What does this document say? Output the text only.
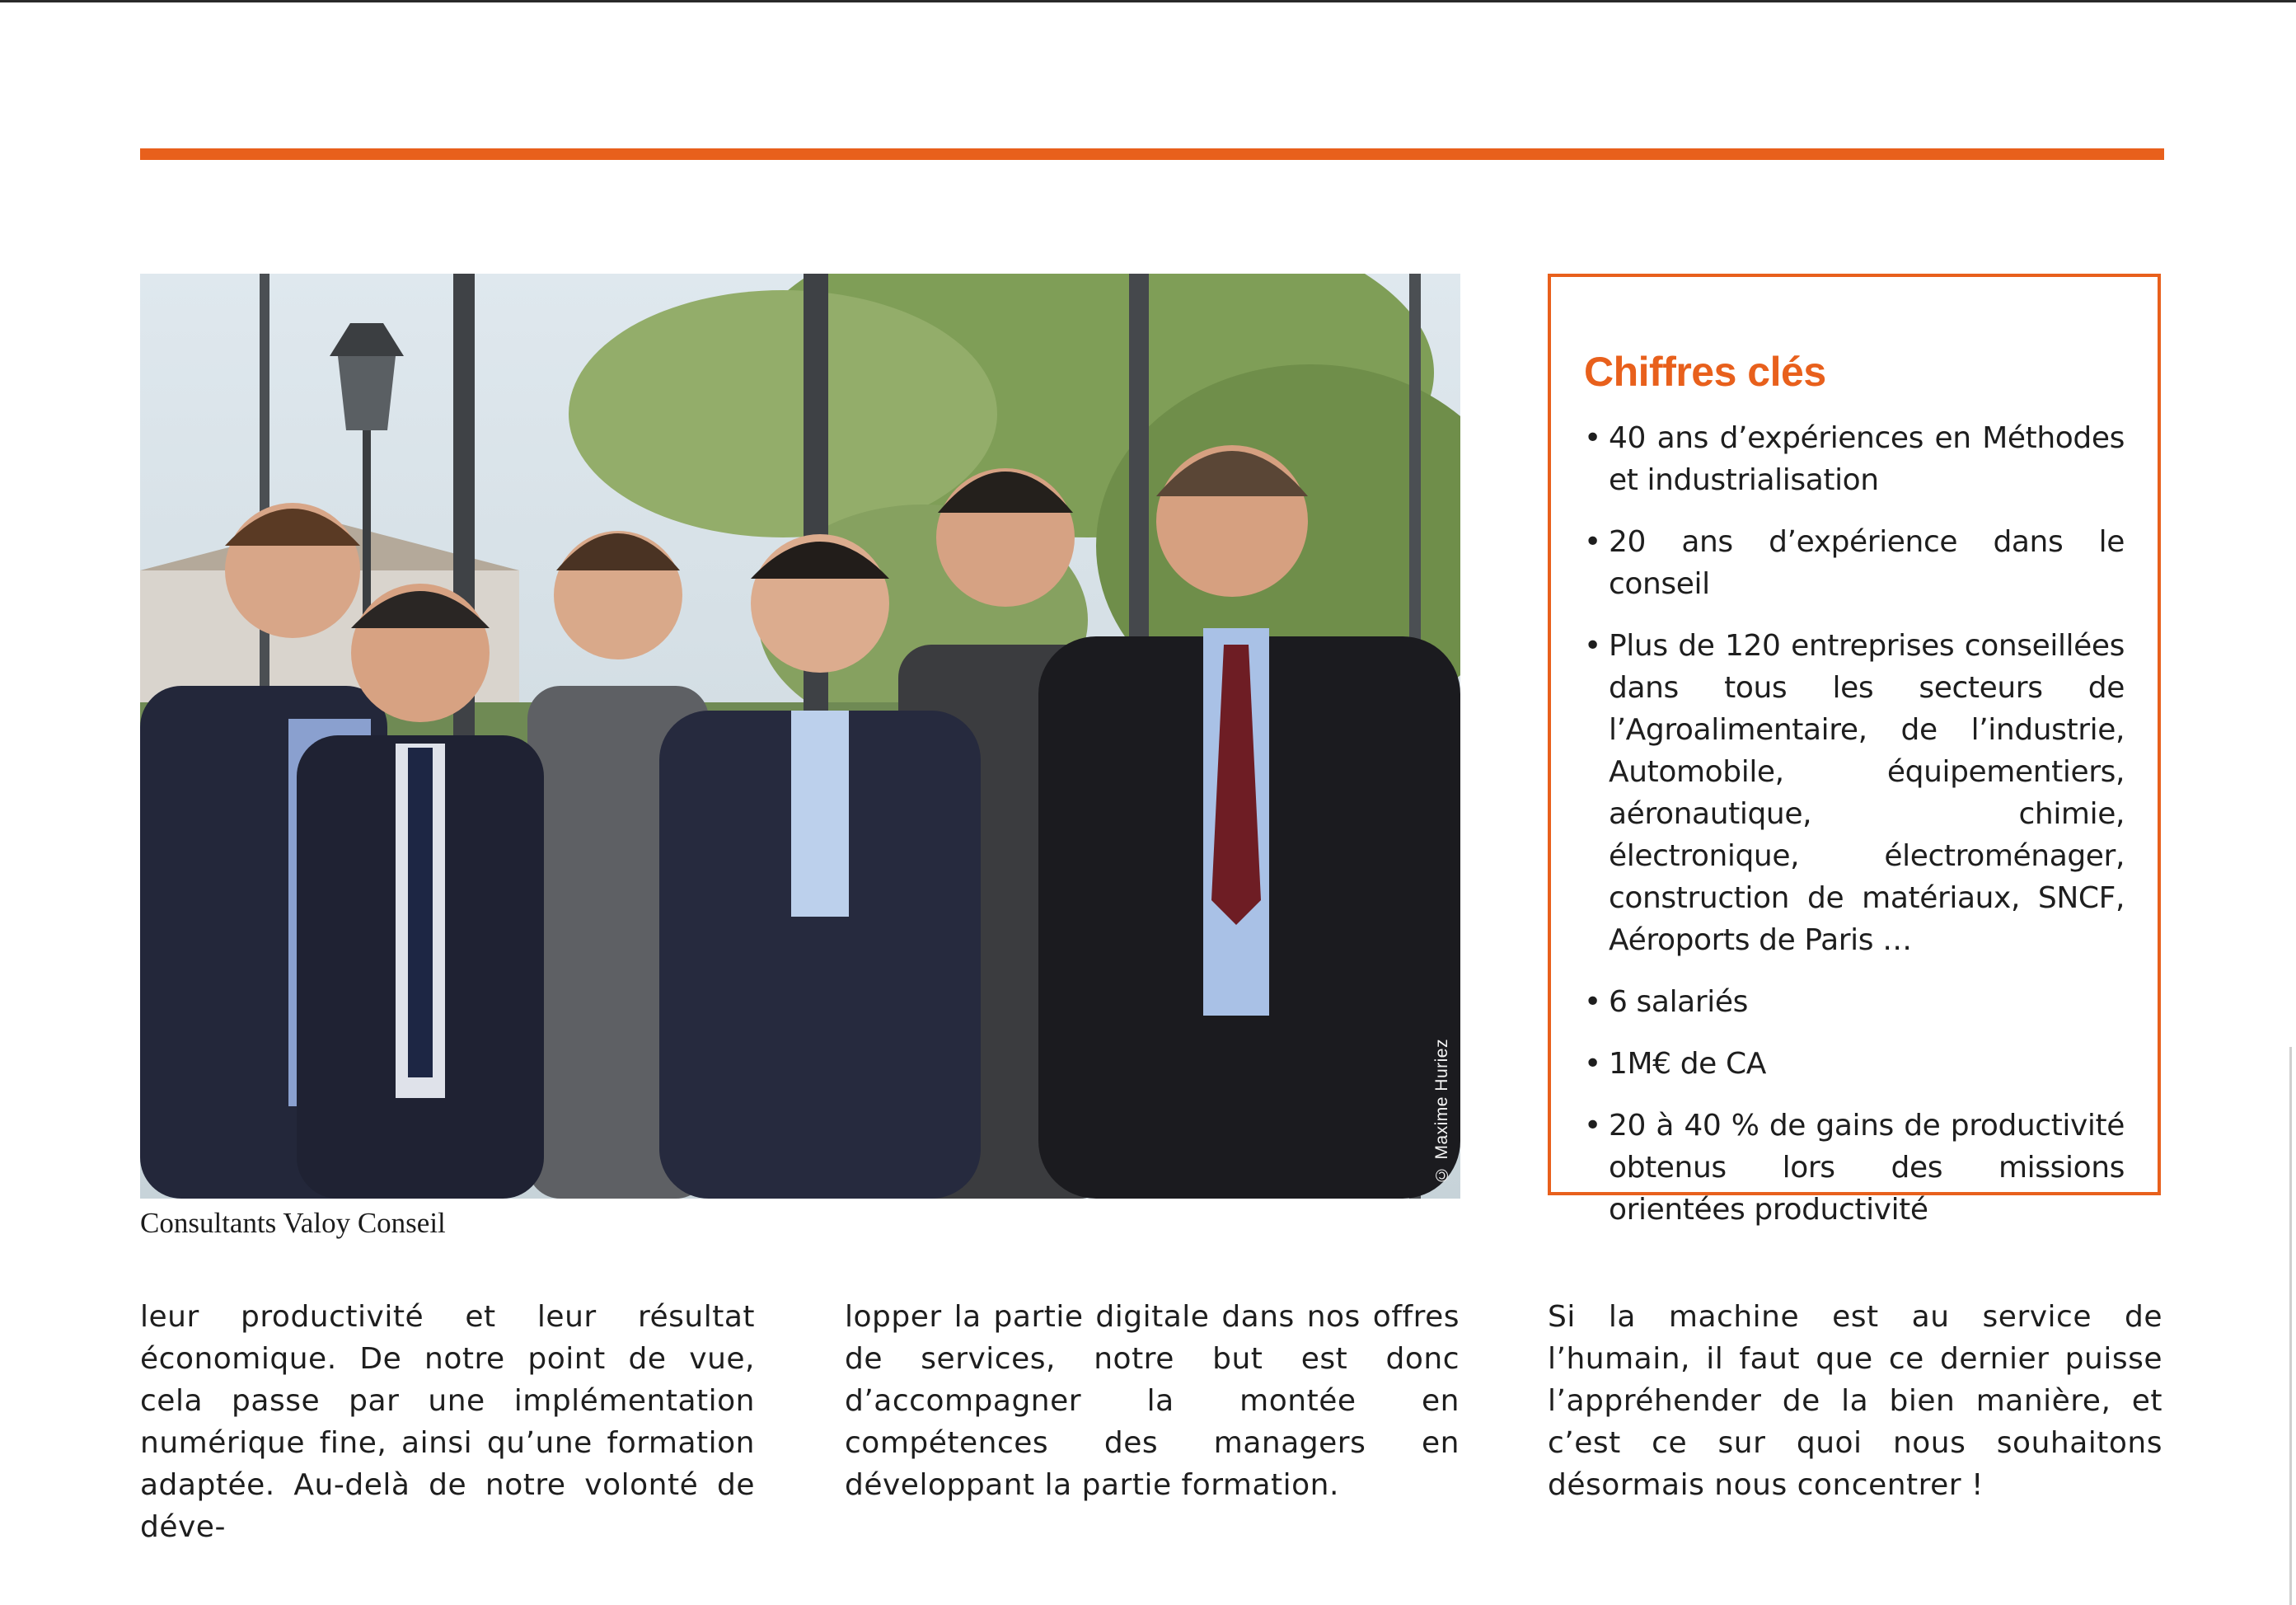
© Maxime Huriez
Consultants Valoy Conseil
Chiffres clés
• 40 ans d’expériences en Méthodes et industrialisation
• 20 ans d’expérience dans le conseil
• Plus de 120 entreprises conseillées dans tous les secteurs de l’Agroalimentaire, de l’industrie, Automobile, équipementiers, aéronautique, chimie, électronique, électroménager, construction de matériaux, SNCF, Aéroports de Paris …
• 6 salariés
• 1M€ de CA
• 20 à 40 % de gains de productivité obtenus lors des missions orientées productivité
leur productivité et leur résultat économique. De notre point de vue, cela passe par une implémentation numérique fine, ainsi qu’une formation adaptée. Au-delà de notre volonté de déve-
lopper la partie digitale dans nos offres de services, notre but est donc d’accompagner la montée en compétences des managers en développant la partie formation.
Si la machine est au service de l’humain, il faut que ce dernier puisse l’appréhender de la bien manière, et c’est ce sur quoi nous souhaitons désormais nous concentrer !
